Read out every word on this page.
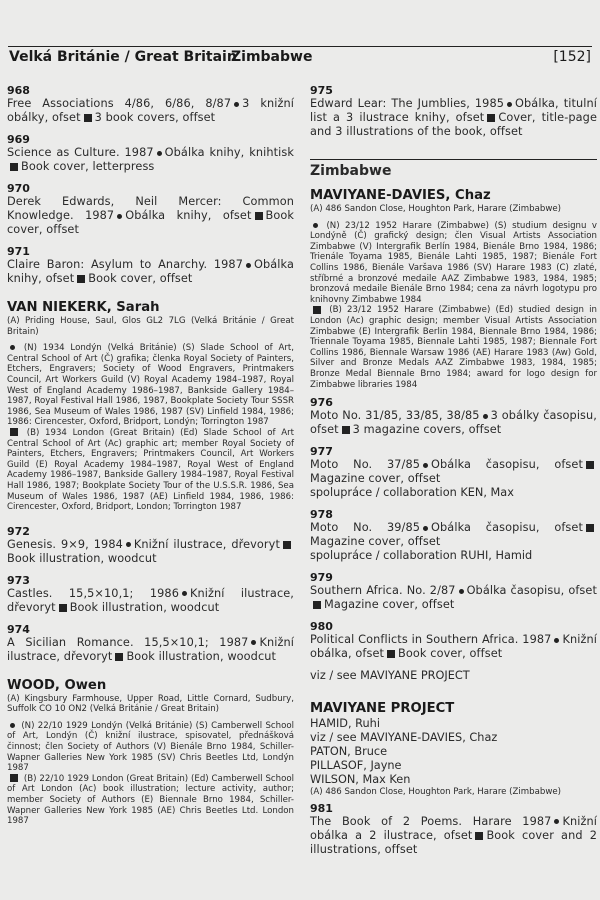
Velká Británie / Great Britain
Zimbabwe	[152]
968
Free Associations 4/86, 6/86, 8/87 3 knižní obálky, ofset 3 book covers, offset
969
Science as Culture. 1987 Obálka knihy, knihtiskBook cover, letterpress
970
Derek Edwards, Neil Mercer: Common Knowledge. 1987 Obálka knihy, ofset Book cover, offset
971
Claire Baron: Asylum to Anarchy. 1987 Obálka knihy, ofset Book cover, offset
VAN NIEKERK, Sarah
(A) Priding House, Saul, Glos GL2 7LG (Velká Británie / Great Britain)
(N) 1934 Londýn (Velká Británie) (S) Slade School of Art, Central School of Art (Č) grafika; členka Royal Society of Painters, Etchers, Engravers; Society of Wood Engravers, Printmakers Council, Art Workers Guild (V) Royal Academy 1984–1987, Royal West of England Academy 1986–1987, Bankside Gallery 1984–1987, Royal Festival Hall 1986, 1987, Bookplate Society Tour SSSR 1986, Sea Museum of Wales 1986, 1987 (SV) Linfield 1984, 1986; 1986: Cirencester, Oxford, Bridport, Londýn; Torrington 1987
(B) 1934 London (Great Britain) (Ed) Slade School of Art Central School of Art (Ac) graphic art; member Royal Society of Painters, Etchers, Engravers; Printmakers Council, Art Workers Guild (E) Royal Academy 1984–1987, Royal West of England Academy 1986–1987, Bankside Gallery 1984–1987, Royal Festival Hall 1986, 1987; Bookplate Society Tour of the U.S.S.R. 1986, Sea Museum of Wales 1986, 1987 (AE) Linfield 1984, 1986, 1986: Cirencester, Oxford, Bridport, London; Torrington 1987
972
Genesis. 9×9, 1984 Knižní ilustrace, dřevorytBook illustration, woodcut
973
Castles. 15,5×10,1; 1986 Knižní ilustrace, dřevoryt Book illustration, woodcut
974
A Sicilian Romance. 15,5×10,1; 1987 Knižní ilustrace, dřevoryt Book illustration, woodcut
WOOD, Owen
(A) Kingsbury Farmhouse, Upper Road, Little Cornard, Sudbury, Suffolk CO 10 ON2 (Velká Británie / Great Britain)
(N) 22/10 1929 Londýn (Velká Británie) (S) Camberwell School of Art, Londýn (Č) knižní ilustrace, spisovatel, přednášková činnost; člen Society of Authors (V) Bienále Brno 1984, Schiller-Wapner Galleries New York 1985 (SV) Chris Beetles Ltd, Londýn 1987
(B) 22/10 1929 London (Great Britain) (Ed) Camberwell School of Art London (Ac) book illustration; lecture activity, author; member Society of Authors (E) Biennale Brno 1984, Schiller-Wapner Galleries New York 1985 (AE) Chris Beetles Ltd. London 1987
975
Edward Lear: The Jumblies, 1985 Obálka, titulní list a 3 ilustrace knihy, ofset Cover, title-page and 3 illustrations of the book, offset
Zimbabwe
MAVIYANE-DAVIES, Chaz
(A) 486 Sandon Close, Houghton Park, Harare (Zimbabwe)
(N) 23/12 1952 Harare (Zimbabwe) (S) studium designu v Londýně (Č) grafický design; člen Visual Artists Association Zimbabwe (V) Intergrafik Berlín 1984, Bienále Brno 1984, 1986; Trienále Toyama 1985, Bienále Lahti 1985, 1987; Bienále Fort Collins 1986, Bienále Varšava 1986 (SV) Harare 1983 (C) zlaté, stříbrné a bronzové medaile AAZ Zimbabwe 1983, 1984, 1985; bronzová medaile Bienále Brno 1984; cena za návrh logotypu pro knihovny Zimbabwe 1984
(B) 23/12 1952 Harare (Zimbabwe) (Ed) studied design in London (Ac) graphic design; member Visual Artists Association Zimbabwe (E) Intergrafik Berlin 1984, Biennale Brno 1984, 1986; Triennale Toyama 1985, Biennale Lahti 1985, 1987; Biennale Fort Collins 1986, Biennale Warsaw 1986 (AE) Harare 1983 (Aw) Gold, Silver and Bronze Medals AAZ Zimbabwe 1983, 1984, 1985; Bronze Medal Biennale Brno 1984; award for logo design for Zimbabwe libraries 1984
976
Moto No. 31/85, 33/85, 38/85 3 obálky časopisu, ofset 3 magazine covers, offset
977
Moto No. 37/85 Obálka časopisu, ofsetMagazine cover, offset
spolupráce / collaboration KEN, Max
978
Moto No. 39/85 Obálka časopisu, ofsetMagazine cover, offset
spolupráce / collaboration RUHI, Hamid
979
Southern Africa. No. 2/87 Obálka časopisu, ofsetMagazine cover, offset
980
Political Conflicts in Southern Africa. 1987 Knižní obálka, ofset Book cover, offset
viz / see MAVIYANE PROJECT
MAVIYANE PROJECT
HAMID, Ruhi
viz / see MAVIYANE-DAVIES, Chaz
PATON, Bruce
PILLASOF, Jayne
WILSON, Max Ken
(A) 486 Sandon Close, Houghton Park, Harare (Zimbabwe)
981
The Book of 2 Poems. Harare 1987 Knižní obálka a 2 ilustrace, ofset Book cover and 2 illustrations, offset
